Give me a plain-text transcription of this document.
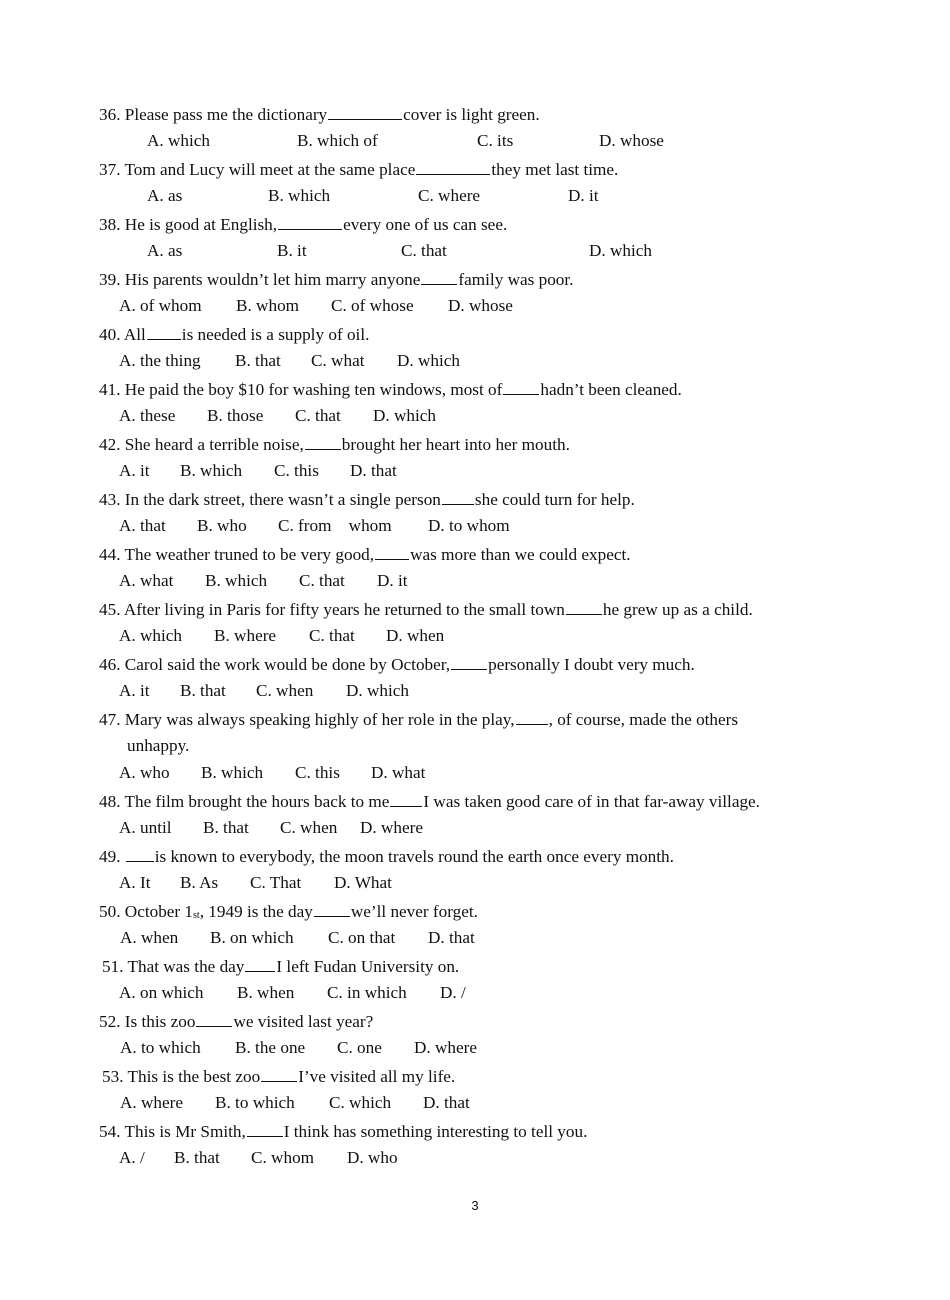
36. Please pass me the dictionary	cover is light green.
A. which	B. which of	C. its	D. whose
37. Tom and Lucy will meet at the same place	they met last time.
A. as	B. which	C. where	D. it
38. He is good at English,	every one of us can see.
A. as	B. it	C. that	D. which
39. His parents wouldn’t let him marry anyone family was poor.
A. of whom B. whom C. of whose D. whose
40. All is needed is a supply of oil.
A. the thing B. that C. what D. which
41. He paid the boy $10 for washing ten windows, most of hadn’t been cleaned.
A. these B. those C. that D. which
42. She heard a terrible noise, brought her heart into her mouth.
A. it B. which C. this D. that
43. In the dark street, there wasn’t a single person she could turn for help.
A. that B. who C. from    whom D. to whom
44. The weather truned to be very good, was more than we could expect.
A. what B. which C. that D. it
45. After living in Paris for fifty years he returned to the small town he grew up as a child.
A. which B. where C. that D. when
46. Carol said the work would be done by October, personally I doubt very much.
A. it B. that C. when D. which
47. Mary was always speaking highly of her role in the play, , of course, made the others
unhappy.
A. who B. which C. this D. what
48. The film brought the hours back to me I was taken good care of in that far-away village.
A. until B. that C. when D. where
49. is known to everybody, the moon travels round the earth once every month.
A. It B. As C. That D. What
50. October $1_{st}$, 1949 is the day we’ll never forget.
A. when B. on which C. on that D. that
51. That was the day I left Fudan University on.
A. on which B. when C. in which D. /
52. Is this zoo we visited last year?
A. to which B. the one C. one D. where
53. This is the best zoo I’ve visited all my life.
A. where B. to which C. which D. that
54. This is Mr Smith, I think has something interesting to tell you.
A. / B. that C. whom D. who
3
